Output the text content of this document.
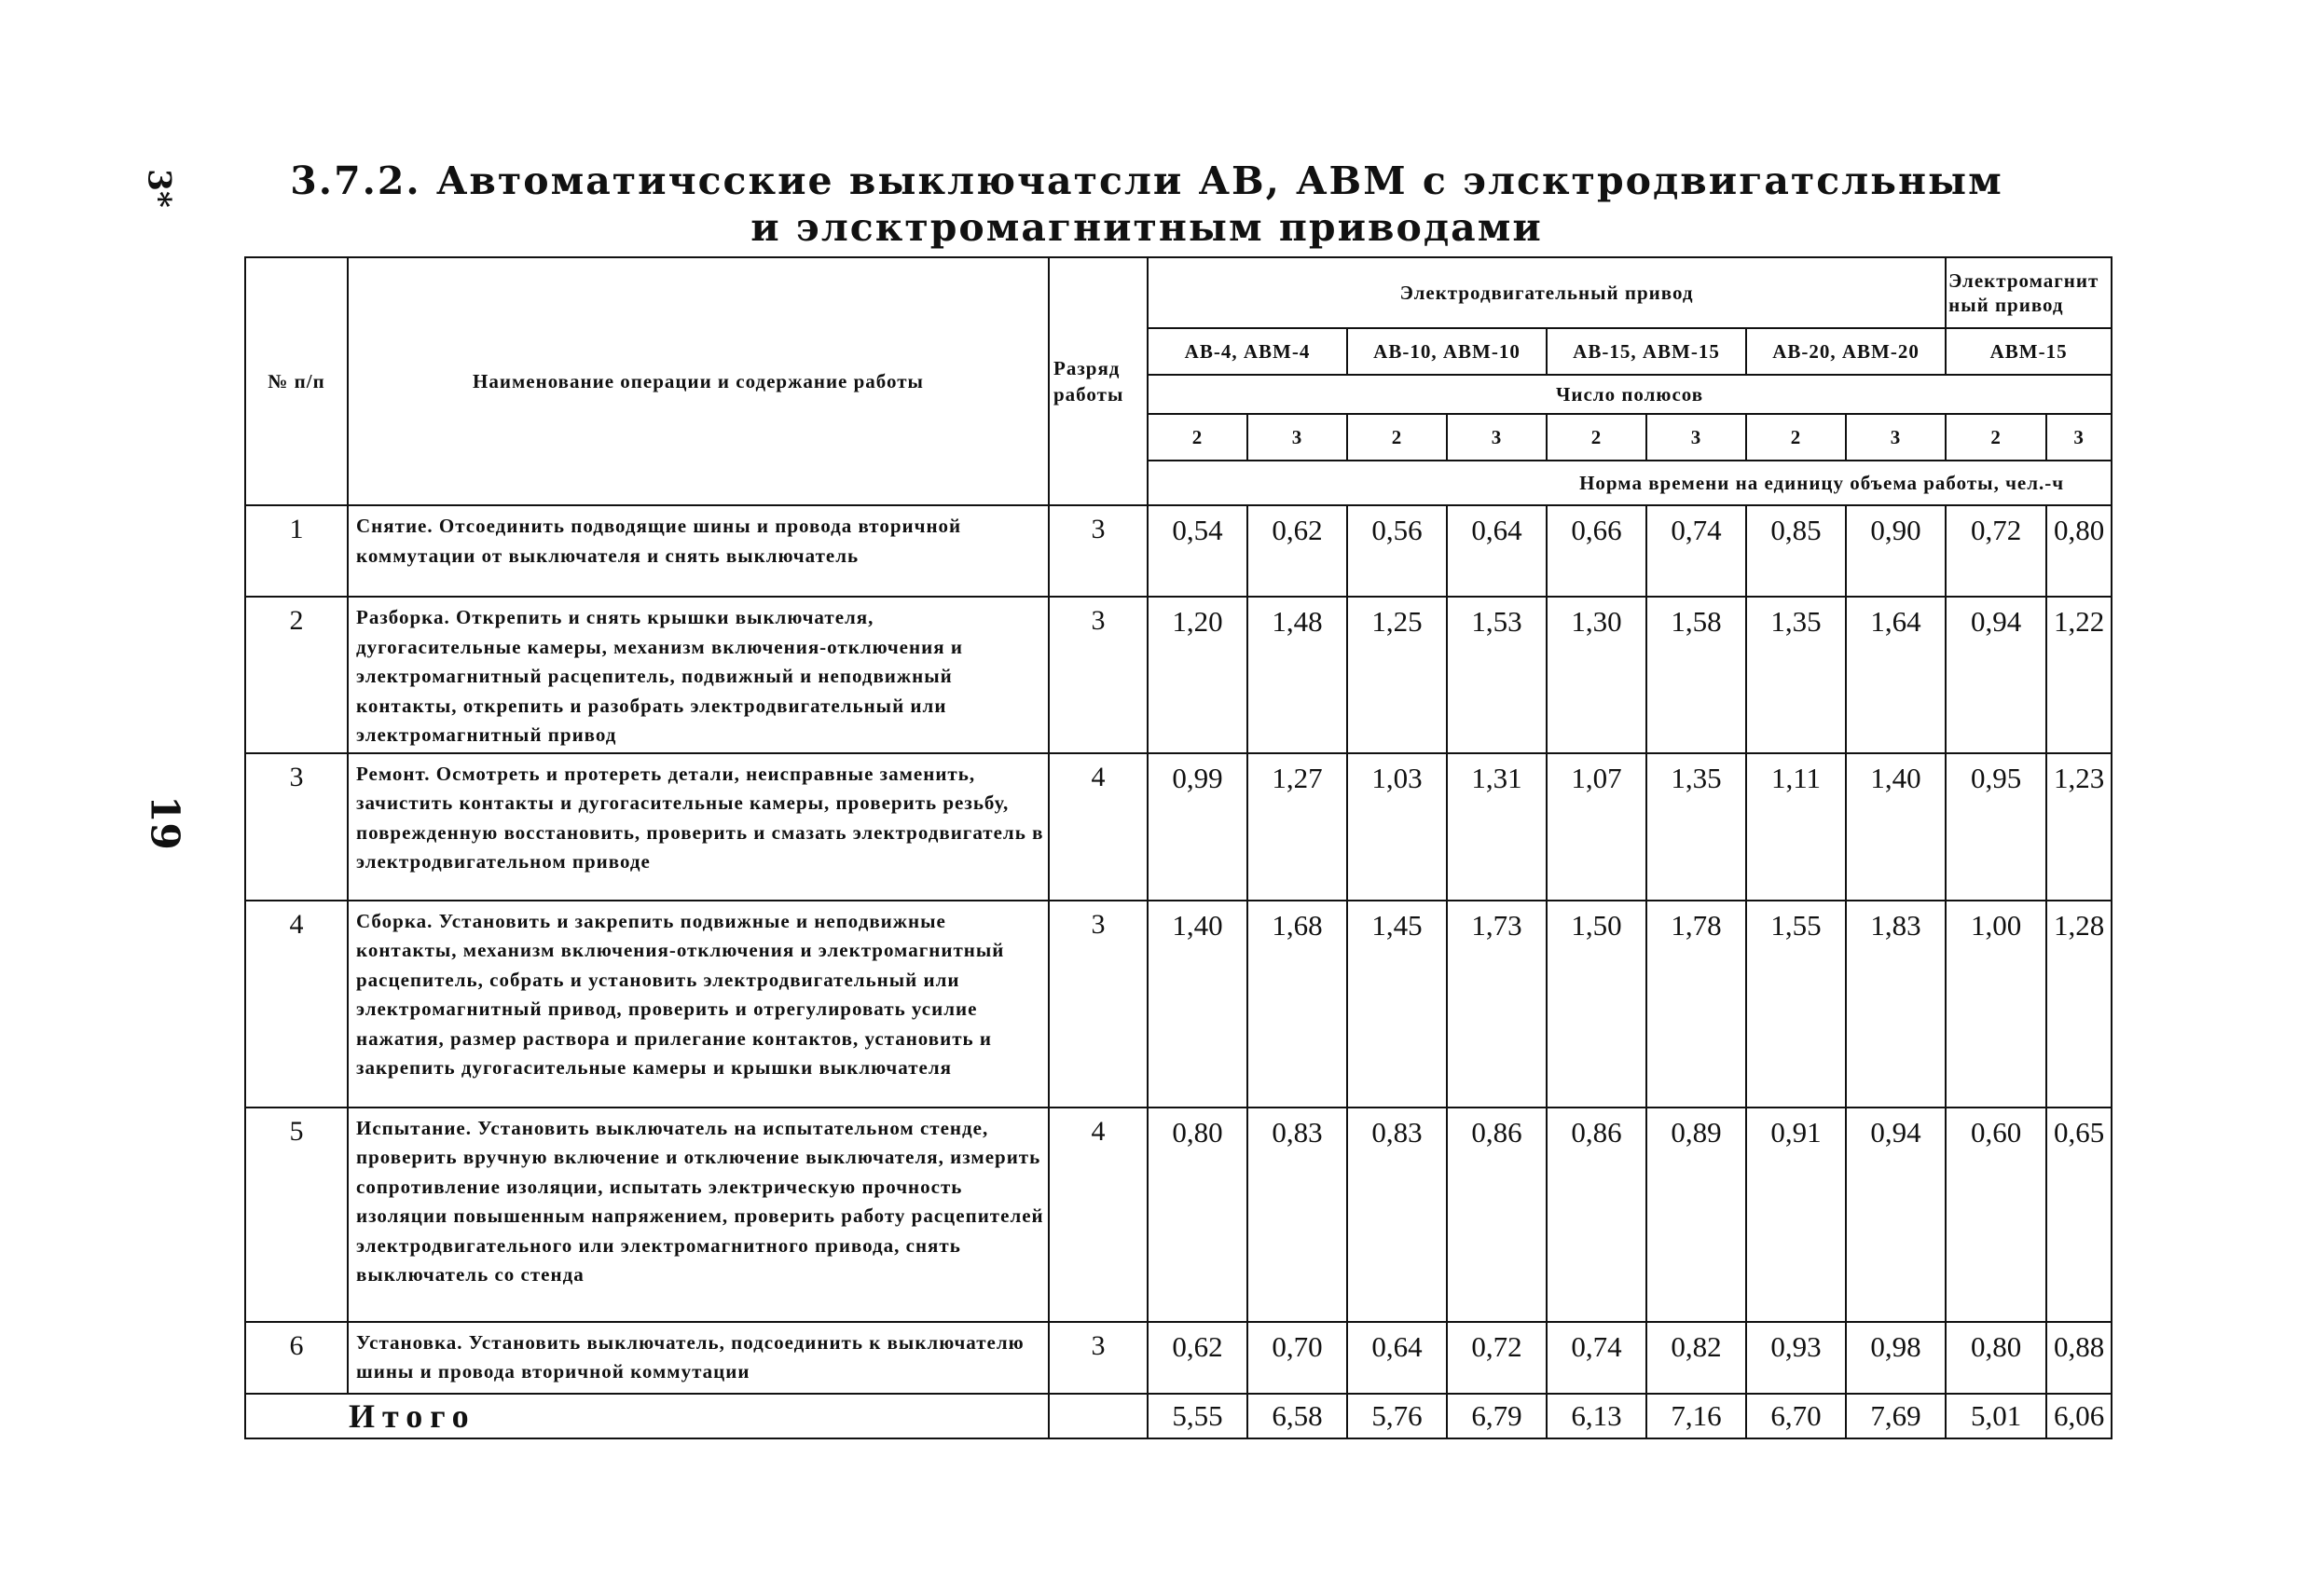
3*
19
3.7.2. Автоматичсские выключатсли АВ, АВМ с элсктродвигатсльным
и элсктромагнитным приводами
№ п/п	Наименование операции и содержание работы	Разряд
работы	Электродвигательный привод								Электромагнит
ный привод	
			АВ-4, АВМ-4		АВ-10, АВМ-10		АВ-15, АВМ-15		АВ-20, АВМ-20		АВМ-15	
			Число полюсов									
			2	3	2	3	2	3	2	3	2	3
			Норма времени на единицу объема работы, чел.-ч									
1	Снятие. Отсоединить подводящие шины и провода вторичной коммутации от выключателя и снять выключатель	3	0,54	0,62	0,56	0,64	0,66	0,74	0,85	0,90	0,72	0,80
2	Разборка. Открепить и снять крышки выключателя, дугогасительные камеры, механизм включения-отключения и электромагнитный расцепитель, подвижный и неподвижный контакты, открепить и разобрать электродвигательный или электромагнитный привод	3	1,20	1,48	1,25	1,53	1,30	1,58	1,35	1,64	0,94	1,22
3	Ремонт. Осмотреть и протереть детали, неисправные заменить, зачистить контакты и дугогасительные камеры, проверить резьбу, поврежденную восстановить, проверить и смазать электродвигатель в электродвигательном приводе	4	0,99	1,27	1,03	1,31	1,07	1,35	1,11	1,40	0,95	1,23
4	Сборка. Установить и закрепить подвижные и неподвижные контакты, механизм включения-отключения и электромагнитный расцепитель, собрать и установить электродвигательный или электромагнитный привод, проверить и отрегулировать усилие нажатия, размер раствора и прилегание контактов, установить и закрепить дугогасительные камеры и крышки выключателя	3	1,40	1,68	1,45	1,73	1,50	1,78	1,55	1,83	1,00	1,28
5	Испытание. Установить выключатель на испытательном стенде, проверить вручную включение и отключение выключателя, измерить сопротивление изоляции, испытать электрическую прочность изоляции повышенным напряжением, проверить работу расцепителей электродвигательного или электромагнитного привода, снять выключатель со стенда	4	0,80	0,83	0,83	0,86	0,86	0,89	0,91	0,94	0,60	0,65
6	Установка. Установить выключатель, подсоединить к выключателю шины и провода вторичной коммутации	3	0,62	0,70	0,64	0,72	0,74	0,82	0,93	0,98	0,80	0,88
Итого			5,55	6,58	5,76	6,79	6,13	7,16	6,70	7,69	5,01	6,06
